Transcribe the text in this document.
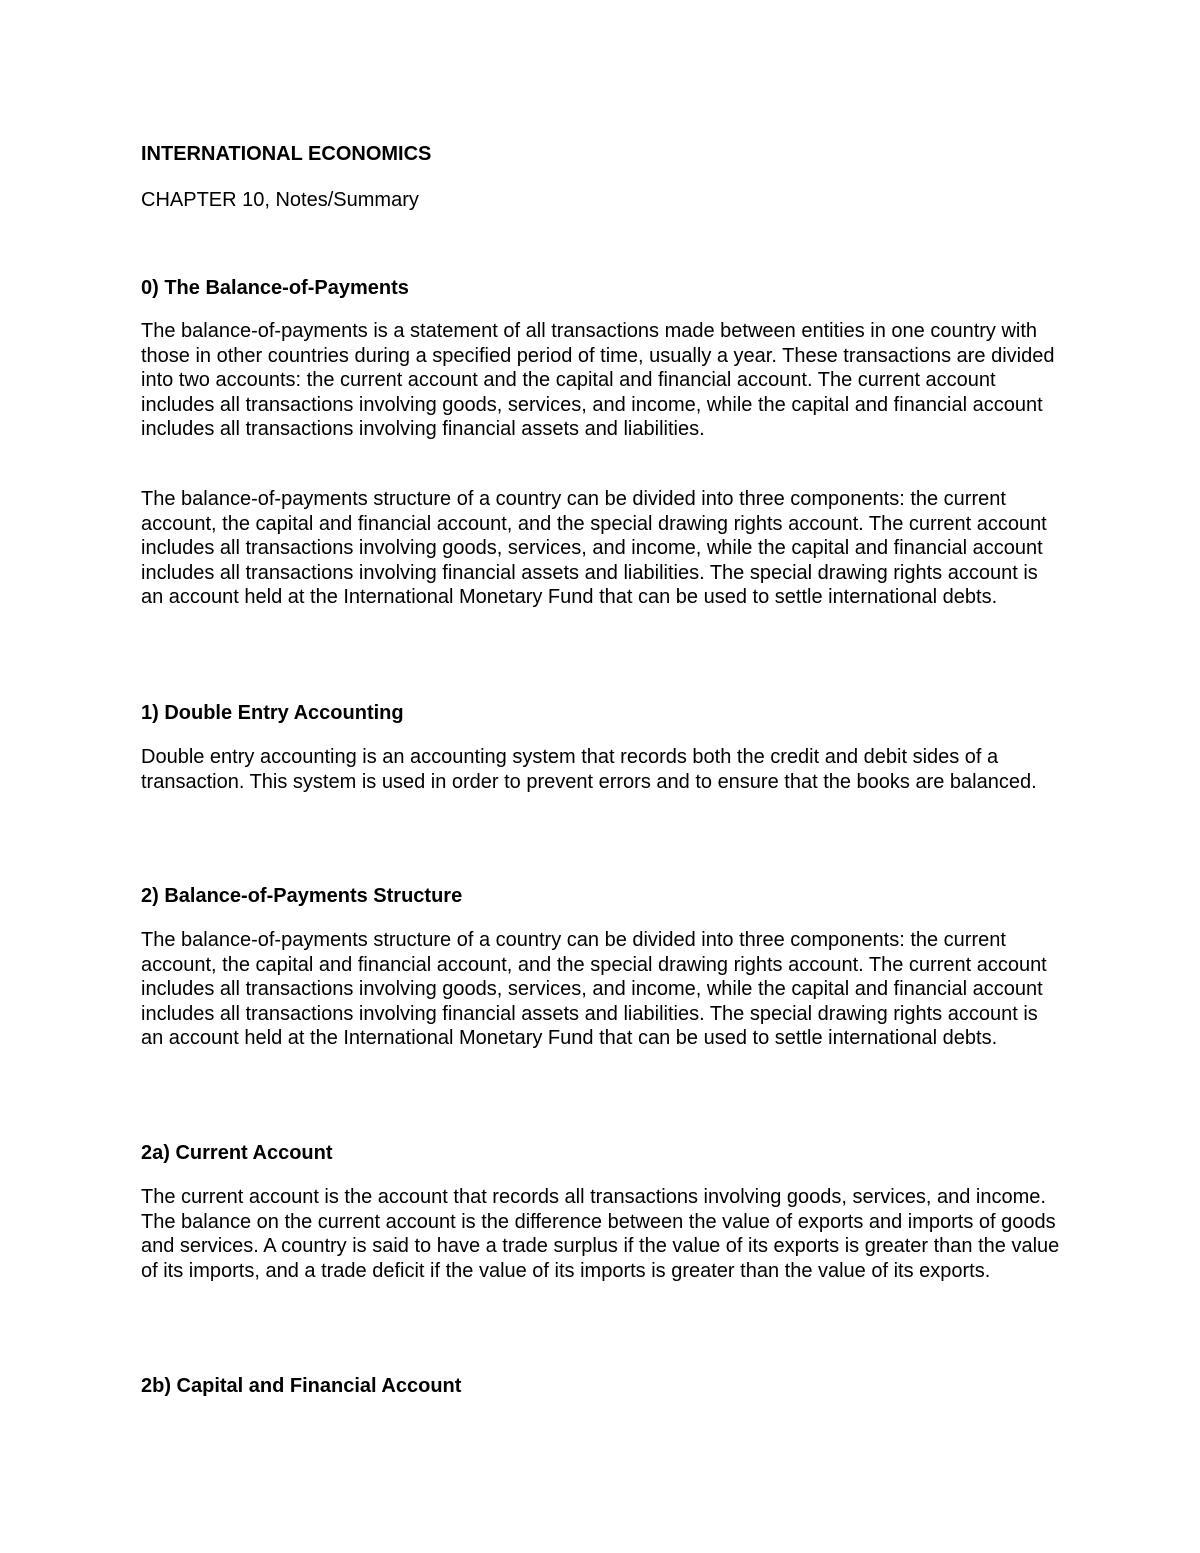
INTERNATIONAL ECONOMICS
CHAPTER 10, Notes/Summary
0) The Balance-of-Payments

The balance-of-payments is a statement of all transactions made between entities in one country with those in other countries during a specified period of time, usually a year. These transactions are divided into two accounts: the current account and the capital and financial account. The current account includes all transactions involving goods, services, and income, while the capital and financial account includes all transactions involving financial assets and liabilities.

The balance-of-payments structure of a country can be divided into three components: the current account, the capital and financial account, and the special drawing rights account. The current account includes all transactions involving goods, services, and income, while the capital and financial account includes all transactions involving financial assets and liabilities. The special drawing rights account is an account held at the International Monetary Fund that can be used to settle international debts.

1) Double Entry Accounting

Double entry accounting is an accounting system that records both the credit and debit sides of a transaction. This system is used in order to prevent errors and to ensure that the books are balanced.

2) Balance-of-Payments Structure

The balance-of-payments structure of a country can be divided into three components: the current account, the capital and financial account, and the special drawing rights account. The current account includes all transactions involving goods, services, and income, while the capital and financial account includes all transactions involving financial assets and liabilities. The special drawing rights account is an account held at the International Monetary Fund that can be used to settle international debts.

2a) Current Account

The current account is the account that records all transactions involving goods, services, and income. The balance on the current account is the difference between the value of exports and imports of goods and services. A country is said to have a trade surplus if the value of its exports is greater than the value of its imports, and a trade deficit if the value of its imports is greater than the value of its exports.

2b) Capital and Financial Account
